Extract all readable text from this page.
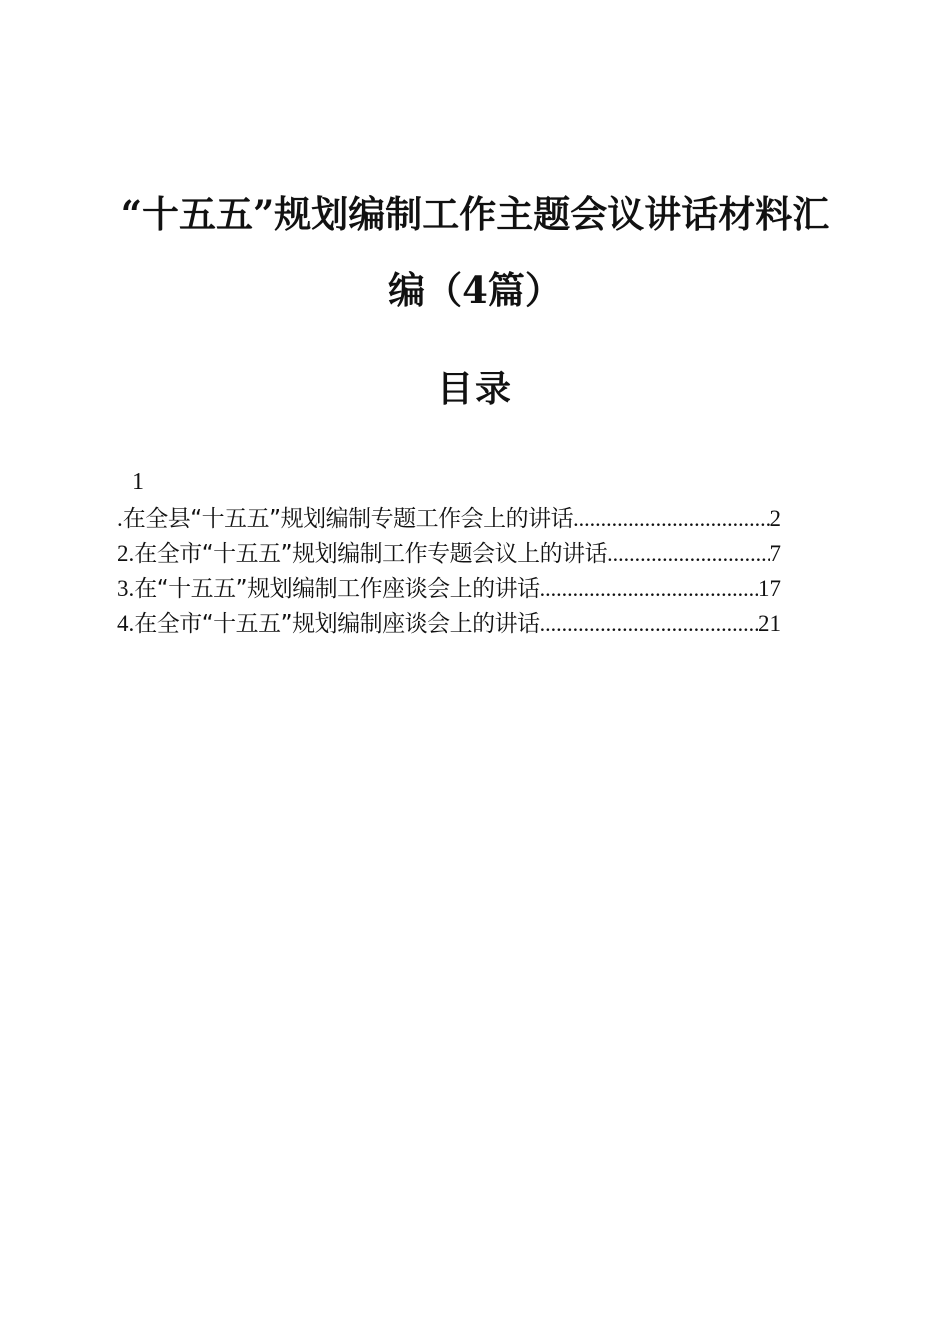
“十五五”规划编制工作主题会议讲话材料汇
编（4篇）
目录
1
. 在全县“十五五”规划编制专题工作会上的讲话 .....	2
2. 在全市“十五五”规划编制工作专题会议上的讲话 .....	7
3. 在“十五五”规划编制工作座谈会上的讲话 .....	17
4. 在全市“十五五”规划编制座谈会上的讲话 .....	21
